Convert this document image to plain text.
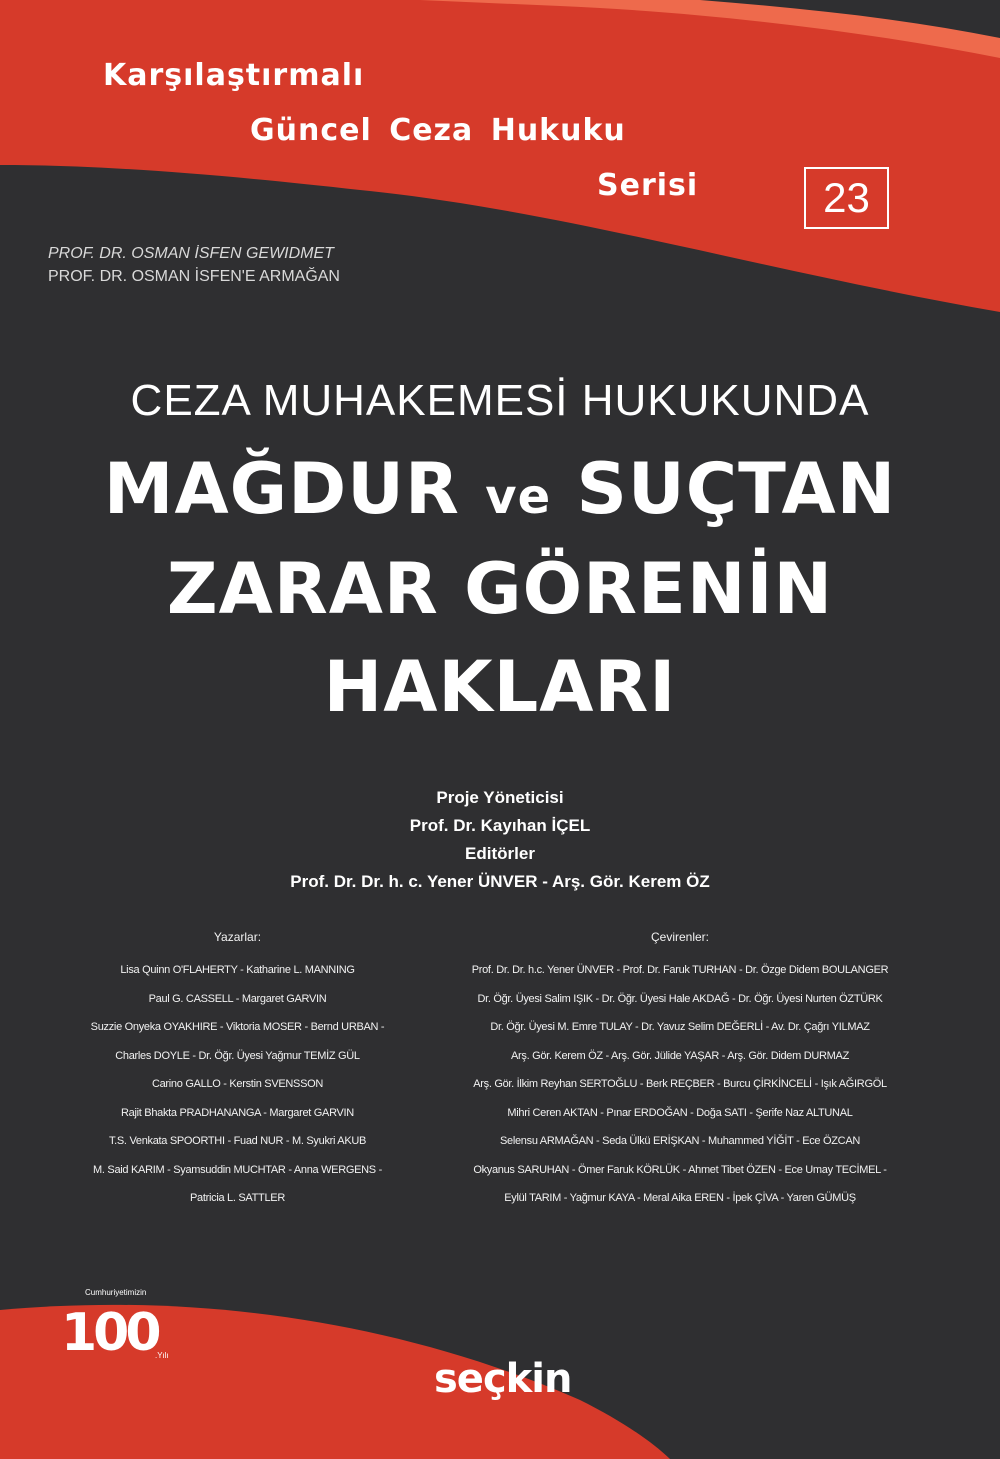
Karşılaştırmalı
Güncel Ceza Hukuku
Serisi	23
PROF. DR. OSMAN İSFEN GEWIDMET
PROF. DR. OSMAN İSFEN'E ARMAĞAN
CEZA MUHAKEMESİ HUKUKUNDA
MAĞDUR ve SUÇTAN
ZARAR GÖRENİN
HAKLARI
Proje Yöneticisi
Prof. Dr. Kayıhan İÇEL
Editörler
Prof. Dr. Dr. h. c. Yener ÜNVER - Arş. Gör. Kerem ÖZ
Yazarlar:
Lisa Quinn O'FLAHERTY - Katharine L. MANNING
Paul G. CASSELL - Margaret GARVIN
Suzzie Onyeka OYAKHIRE - Viktoria MOSER - Bernd URBAN -
Charles DOYLE - Dr. Öğr. Üyesi Yağmur TEMİZ GÜL
Carino GALLO - Kerstin SVENSSON
Rajit Bhakta PRADHANANGA - Margaret GARVIN
T.S. Venkata SPOORTHI - Fuad NUR - M. Syukri AKUB
M. Said KARIM - Syamsuddin MUCHTAR - Anna WERGENS -
Patricia L. SATTLER
Çevirenler:
Prof. Dr. Dr. h.c. Yener ÜNVER - Prof. Dr. Faruk TURHAN - Dr. Özge Didem BOULANGER
Dr. Öğr. Üyesi Salim IŞIK - Dr. Öğr. Üyesi Hale AKDAĞ - Dr. Öğr. Üyesi Nurten ÖZTÜRK
Dr. Öğr. Üyesi M. Emre TULAY - Dr. Yavuz Selim DEĞERLİ - Av. Dr. Çağrı YILMAZ
Arş. Gör. Kerem ÖZ - Arş. Gör. Jülide YAŞAR - Arş. Gör. Didem DURMAZ
Arş. Gör. İlkim Reyhan SERTOĞLU - Berk REÇBER - Burcu ÇİRKİNCELİ - Işık AĞIRGÖL
Mihri Ceren AKTAN - Pınar ERDOĞAN - Doğa SATI - Şerife Naz ALTUNAL
Selensu ARMAĞAN - Seda Ülkü ERİŞKAN - Muhammed YİĞİT - Ece ÖZCAN
Okyanus SARUHAN - Ömer Faruk KÖRLÜK - Ahmet Tibet ÖZEN - Ece Umay TECİMEL -
Eylül TARIM - Yağmur KAYA - Meral Aika EREN - İpek ÇİVA - Yaren GÜMÜŞ
Cumhuriyetimizin
100
.Yılı
seçkin
